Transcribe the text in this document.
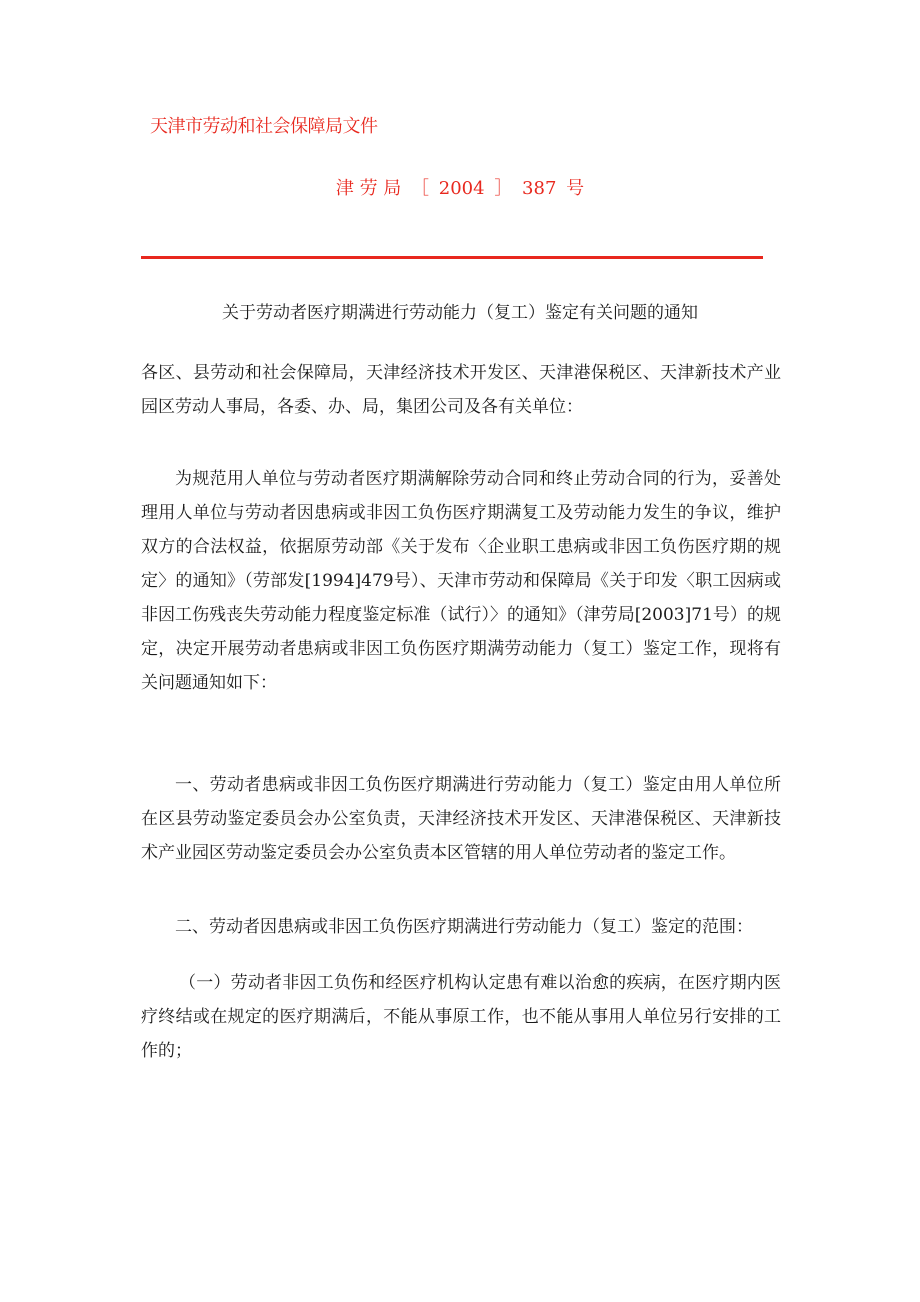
天津市劳动和社会保障局文件
津 劳 局 ［ 2004 ］ 387 号
关于劳动者医疗期满进行劳动能力（复工）鉴定有关问题的通知

各区、县劳动和社会保障局，天津经济技术开发区、天津港保税区、天津新技术产业园区劳动人事局，各委、办、局，集团公司及各有关单位：

为规范用人单位与劳动者医疗期满解除劳动合同和终止劳动合同的行为，妥善处理用人单位与劳动者因患病或非因工负伤医疗期满复工及劳动能力发生的争议，维护双方的合法权益，依据原劳动部《关于发布〈企业职工患病或非因工负伤医疗期的规定〉的通知》（劳部发[1994]479号）、天津市劳动和保障局《关于印发〈职工因病或非因工伤残丧失劳动能力程度鉴定标准（试行）〉的通知》（津劳局[2003]71号）的规定，决定开展劳动者患病或非因工负伤医疗期满劳动能力（复工）鉴定工作，现将有关问题通知如下：

一、劳动者患病或非因工负伤医疗期满进行劳动能力（复工）鉴定由用人单位所在区县劳动鉴定委员会办公室负责，天津经济技术开发区、天津港保税区、天津新技术产业园区劳动鉴定委员会办公室负责本区管辖的用人单位劳动者的鉴定工作。

二、劳动者因患病或非因工负伤医疗期满进行劳动能力（复工）鉴定的范围：

（一）劳动者非因工负伤和经医疗机构认定患有难以治愈的疾病，在医疗期内医疗终结或在规定的医疗期满后，不能从事原工作，也不能从事用人单位另行安排的工作的；
